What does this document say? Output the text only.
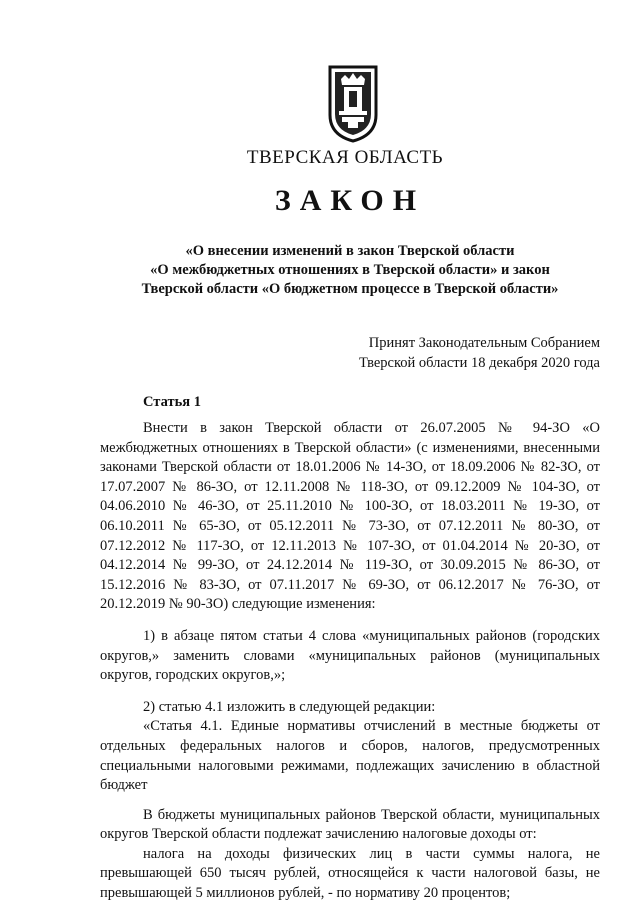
ТВЕРСКАЯ ОБЛАСТЬ
ЗАКОН
«О внесении изменений в закон Тверской области
«О межбюджетных отношениях в Тверской области» и закон
Тверской области «О бюджетном процессе в Тверской области»
Принят Законодательным Собранием
Тверской области 18 декабря 2020 года
Статья 1

Внести в закон Тверской области от 26.07.2005 № 94-ЗО «О межбюджетных отношениях в Тверской области» (с изменениями, внесенными законами Тверской области от 18.01.2006 № 14-ЗО, от 18.09.2006 № 82-ЗО, от 17.07.2007 № 86-ЗО, от 12.11.2008 № 118-ЗО, от 09.12.2009 № 104-ЗО, от 04.06.2010 № 46-ЗО, от 25.11.2010 № 100-ЗО, от 18.03.2011 № 19-ЗО, от 06.10.2011 № 65-ЗО, от 05.12.2011 № 73-ЗО, от 07.12.2011 № 80-ЗО, от 07.12.2012 № 117-ЗО, от 12.11.2013 № 107-ЗО, от 01.04.2014 № 20-ЗО, от 04.12.2014 № 99-ЗО, от 24.12.2014 № 119-ЗО, от 30.09.2015 № 86-ЗО, от 15.12.2016 № 83-ЗО, от 07.11.2017 № 69-ЗО, от 06.12.2017 № 76-ЗО, от 20.12.2019 № 90-ЗО) следующие изменения:

1) в абзаце пятом статьи 4 слова «муниципальных районов (городских округов,» заменить словами «муниципальных районов (муниципальных округов, городских округов,»;

2) статью 4.1 изложить в следующей редакции:

«Статья 4.1. Единые нормативы отчислений в местные бюджеты от отдельных федеральных налогов и сборов, налогов, предусмотренных специальными налоговыми режимами, подлежащих зачислению в областной бюджет

В бюджеты муниципальных районов Тверской области, муниципальных округов Тверской области подлежат зачислению налоговые доходы от:

налога на доходы физических лиц в части суммы налога, не превышающей 650 тысяч рублей, относящейся к части налоговой базы, не превышающей 5 миллионов рублей, - по нормативу 20 процентов;
